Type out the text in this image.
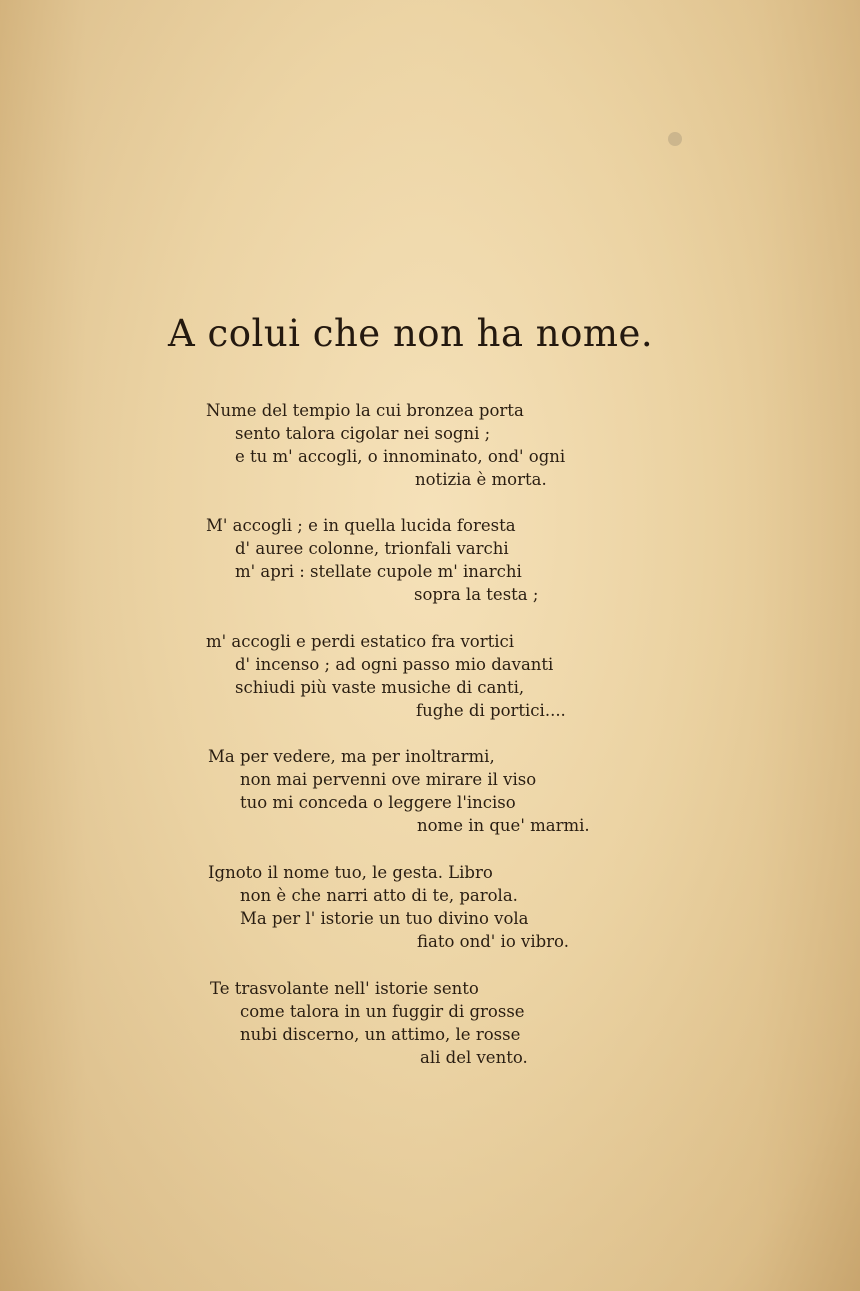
A colui che non ha nome.
Nume del tempio la cui bronzea porta
sento talora cigolar nei sogni ;
e tu m' accogli, o innominato, ond' ogni
notizia è morta.
M' accogli ; e in quella lucida foresta
d' auree colonne, trionfali varchi
m' apri : stellate cupole m' inarchi
sopra la testa ;
m' accogli e perdi estatico fra vortici
d' incenso ; ad ogni passo mio davanti
schiudi più vaste musiche di canti,
fughe di portici....
Ma per vedere, ma per inoltrarmi,
non mai pervenni ove mirare il viso
tuo mi conceda o leggere l'inciso
nome in que' marmi.
Ignoto il nome tuo, le gesta. Libro
non è che narri atto di te, parola.
Ma per l' istorie un tuo divino vola
fiato ond' io vibro.
Te trasvolante nell' istorie sento
come talora in un fuggir di grosse
nubi discerno, un attimo, le rosse
ali del vento.
